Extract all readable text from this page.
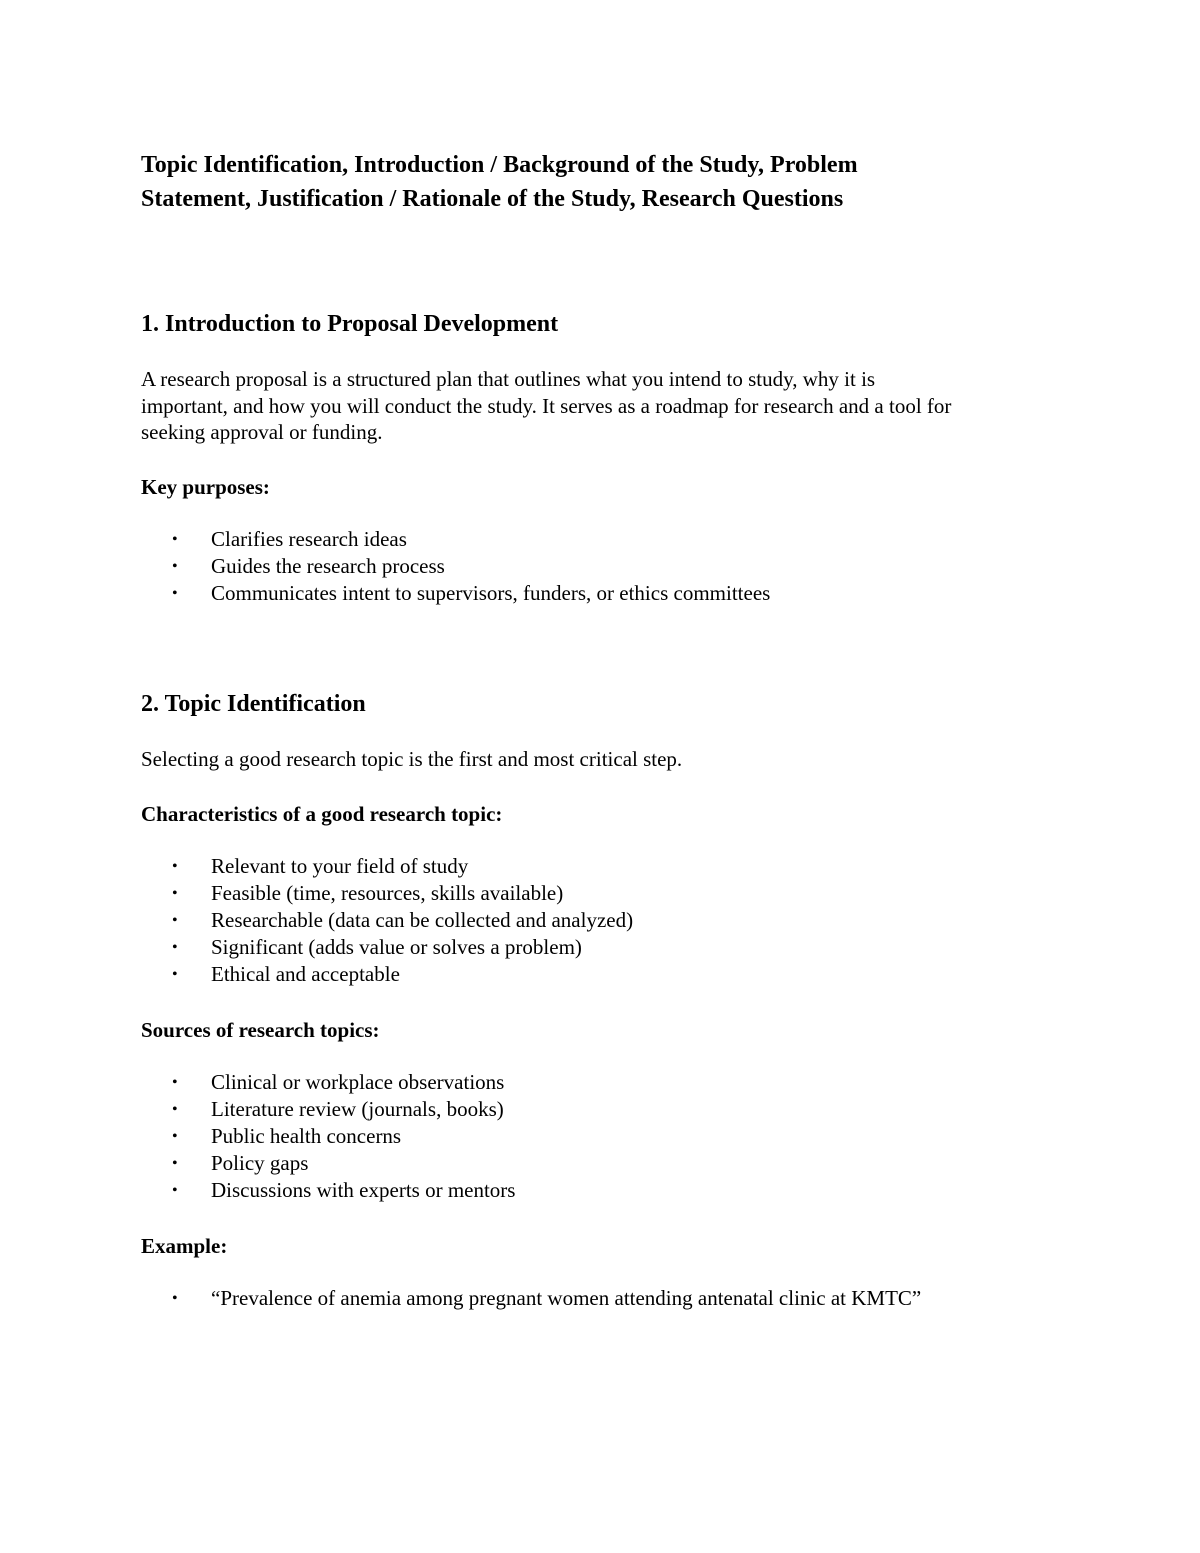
Topic Identification, Introduction / Background of the Study, Problem

Statement, Justification / Rationale of the Study, Research Questions

1. Introduction to Proposal Development

A research proposal is a structured plan that outlines what you intend to study, why it is

important, and how you will conduct the study. It serves as a roadmap for research and a tool for

seeking approval or funding.

Key purposes:

• Clarifies research ideas
• Guides the research process
• Communicates intent to supervisors, funders, or ethics committees
2. Topic Identification

Selecting a good research topic is the first and most critical step.

Characteristics of a good research topic:

• Relevant to your field of study
• Feasible (time, resources, skills available)
• Researchable (data can be collected and analyzed)
• Significant (adds value or solves a problem)
• Ethical and acceptable

Sources of research topics:

• Clinical or workplace observations
• Literature review (journals, books)
• Public health concerns
• Policy gaps
• Discussions with experts or mentors

Example:

• “Prevalence of anemia among pregnant women attending antenatal clinic at KMTC”
